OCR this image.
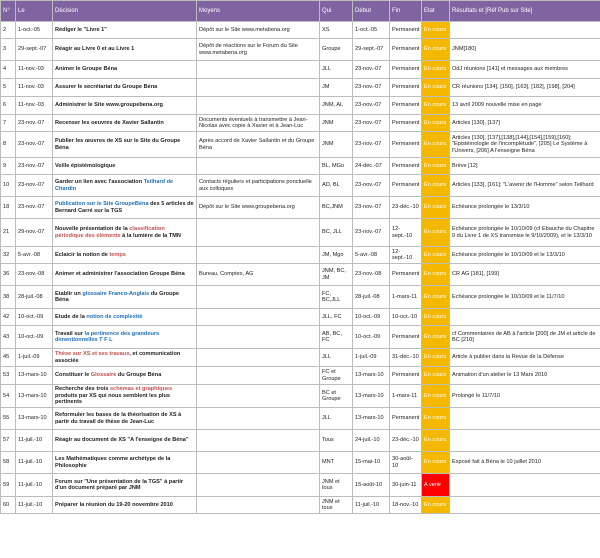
N°	Le	Décision	Moyens	Qui	Début	Fin	Etat	Résultats et [Réf Pub sur Site]
2	1-oct.-05	Rédiger le "Livre 1"	Dépôt sur le Site www.metabena.org	XS	1-oct.-05	Permanent	En cours	
3	29-sept.-07	Réagir au Livre 0 et au Livre 1	Dépôt de réactions sur le Forum du Site www.metabena.org	Groupe	29-sept.-07	Permanent	En cours	JNM[180]
4	11-nov.-03	Animer le Groupe Béna		JLL	23-nov.-07	Permanent	En cours	OdJ réunions [141] et messages aux membres
5	11-nov.-03	Assurer le secrétariat du Groupe Béna		JM	23-nov.-07	Permanent	En cours	CR réunions [134], [150], [163], [182], [198], [204]
6	11-nov.-03	Administrer le Site www.groupebena.org		JNM, AL	23-nov.-07	Permanent	En cours	13 avril 2009 nouvelle mise en page
7	23-nov.-07	Recenser les oeuvres de Xavier Sallantin	Documents éventuels à transmettre à Jean-Nicolas avec copie à Xavier et à Jean-Luc	JNM	23-nov.-07	Permanent	En cours	Articles [130], [137]
8	23-nov.-07	Publier les œuvres de XS sur le Site du Groupe Béna	Après accord de Xavier Sallantin et du Groupe Béna	JNM	23-nov.-07	Permanent	En cours	Articles [130], [137],[138],[144],[154],[159],[160]; "Epistémologie de l'incomplétude", [205] Le Système à l'Univers, [206] A l'enseigne Béna
9	23-nov.-07	Veille épistémologique		BL, MGo	24-déc.-07	Permanent	En cours	Brève [12]
10	23-nov.-07	Garder un lien avec l'association Teilhard de Chardin	Contacts réguliers et participations ponctuelle aux colloques	AD, BL	23-nov.-07	Permanent	En cours	Articles [133], [161]: "L'avenir de l'Homme" selon Teilhard
18	23-nov.-07	Publication sur le Site GroupeBéna des 5 articles de Bernard Carré sur la TGS	Dépôt sur le Site www.groupebena.org	BC,JNM	23-nov.-07	23-déc.-10	En cours	Echéance prolongée le 13/3/10
21	29-nov.-07	Nouvelle présentation de la classification périodique des éléments à la lumière de la TMN		BC, JLL	23-nov.-07	12-sept.-10	En cours	Echéance prolongée le 10/10/09 (cf Ebauche du Chapitre 9 du Livre 1 de XS transmise le 9/10/2009), et le 13/3/10
32	5-avr.-08	Eclaicir la notion de temps		JM, Mgo	5-avr.-08	12-sept.-10	En cours	Echéance prolongée le 10/10/09 et le 13/3/10
36	23-nov.-08	Animer et administrer l'association Groupe Béna	Bureau, Comptes, AG	JNM, BC, JM	23-nov.-08	Permanent	En cours	CR AG [181], [199]
38	28-juil.-08	Etablir un glossaire Franco-Anglais du Groupe Béna		FC, BC,JLL	28-juil.-08	1-mars-11	En cours	Echéance prolongée le 10/10/09 et le 11/7/10
42	10-oct.-09	Etude de la notion de complexité		JLL, FC	10-oct.-09	10-oct.-10	En cours	
43	10-oct.-09	Travail sur la pertinence des grandeurs dimentionnelles T F L		AB, BC, FC	10-oct.-09	Permanent	En cours	cf Commentaires de AB à l'article [200] de JM et article de BC [210]
45	1-juil.-09	Thèse sur XS et ses travaux, et communication associée		JLL	1-juil.-09	31-déc.-10	En cours	Article à publier dans la Revue de la Défense
53	13-mars-10	Constituer le Glossaire du Groupe Béna		FC et Groupe	13-mars-10	Permanent	En cours	Animation d'un atelier le 13 Mars 2010
54	13-mars-10	Recherche des trois schémas et graphiques produits par XS qui nous semblent les plus pertinents		BC et Groupe	13-mars-10	1-mars-11	En cours	Prolongé le 11/7/10
55	13-mars-10	Reformuler les bases de la théorisation de XS à partir du travail de thèse de Jean-Luc		JLL	13-mars-10	Permanent	En cours	
57	11-juil.-10	Réagir au document de XS "A l'enseigne de Béna"		Tous	24-juil.-10	23-déc.-10	En cours	
58	11-juil.-10	Les Mathématiques comme archétype de la Philosophie		MNT	15-mai-10	30-août-10	En cours	Exposé fait à Béna le 10 juillet 2010
59	11-juil.-10	Forum sur "Une présentation de la TGS" à partir d'un document préparé par JNM		JNM et tous	15-août-10	30-juin-11	A venir	
60	11-juil.-10	Préparer la réunion du 19-20 novembre 2010		JNM et tous	11-juil.-10	18-nov.-10	En cours	
